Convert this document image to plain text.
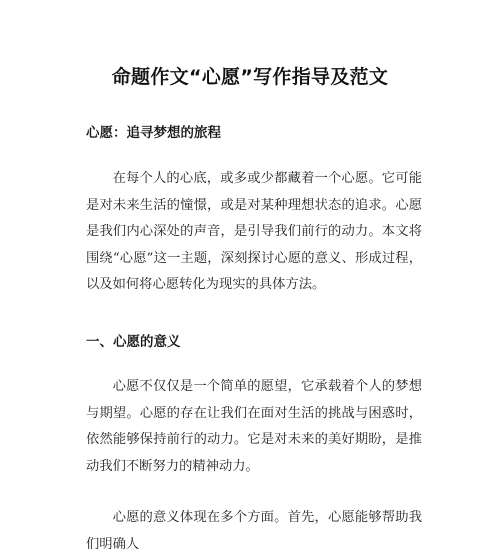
命题作文“心愿”写作指导及范文
心愿：追寻梦想的旅程

在每个人的心底，或多或少都藏着一个心愿。它可能是对未来生活的憧憬，或是对某种理想状态的追求。心愿是我们内心深处的声音，是引导我们前行的动力。本文将围绕“心愿”这一主题，深刻探讨心愿的意义、形成过程，以及如何将心愿转化为现实的具体方法。

一、心愿的意义

心愿不仅仅是一个简单的愿望，它承载着个人的梦想与期望。心愿的存在让我们在面对生活的挑战与困惑时，依然能够保持前行的动力。它是对未来的美好期盼，是推动我们不断努力的精神动力。

心愿的意义体现在多个方面。首先，心愿能够帮助我们明确人
